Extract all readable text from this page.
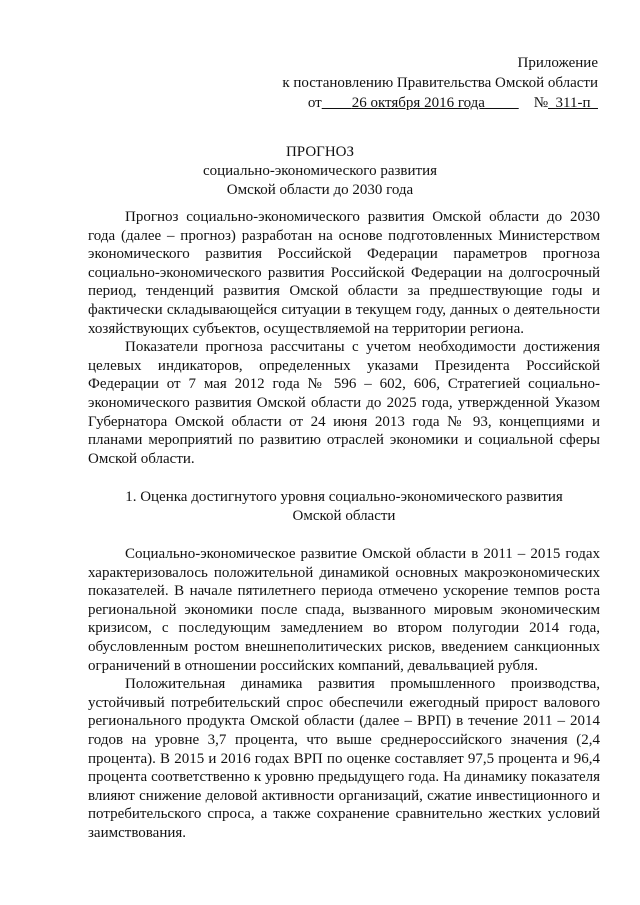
Приложение
к постановлению Правительства Омской области
от 26 октября 2016 года	№ 311-п
ПРОГНОЗ
социально-экономического развития
Омской области до 2030 года

Прогноз социально-экономического развития Омской области до 2030 года (далее – прогноз) разработан на основе подготовленных Министерством экономического развития Российской Федерации параметров прогноза социально-экономического развития Российской Федерации на долгосрочный период, тенденций развития Омской области за предшествующие годы и фактически складывающейся ситуации в текущем году, данных о деятельности хозяйствующих субъектов, осуществляемой на территории региона.

Показатели прогноза рассчитаны с учетом необходимости достижения целевых индикаторов, определенных указами Президента Российской Федерации от 7 мая 2012 года № 596 – 602, 606, Стратегией социально-экономического развития Омской области до 2025 года, утвержденной Указом Губернатора Омской области от 24 июня 2013 года № 93, концепциями и планами мероприятий по развитию отраслей экономики и социальной сферы Омской области.

1. Оценка достигнутого уровня социально-экономического развития
Омской области

Социально-экономическое развитие Омской области в 2011 – 2015 годах характеризовалось положительной динамикой основных макроэкономических показателей. В начале пятилетнего периода отмечено ускорение темпов роста региональной экономики после спада, вызванного мировым экономическим кризисом, с последующим замедлением во втором полугодии 2014 года, обусловленным ростом внешнеполитических рисков, введением санкционных ограничений в отношении российских компаний, девальвацией рубля.

Положительная динамика развития промышленного производства, устойчивый потребительский спрос обеспечили ежегодный прирост валового регионального продукта Омской области (далее – ВРП) в течение 2011 – 2014 годов на уровне 3,7 процента, что выше среднероссийского значения (2,4 процента). В 2015 и 2016 годах ВРП по оценке составляет 97,5 процента и 96,4 процента соответственно к уровню предыдущего года. На динамику показателя влияют снижение деловой активности организаций, сжатие инвестиционного и потребительского спроса, а также сохранение сравнительно жестких условий заимствования.
